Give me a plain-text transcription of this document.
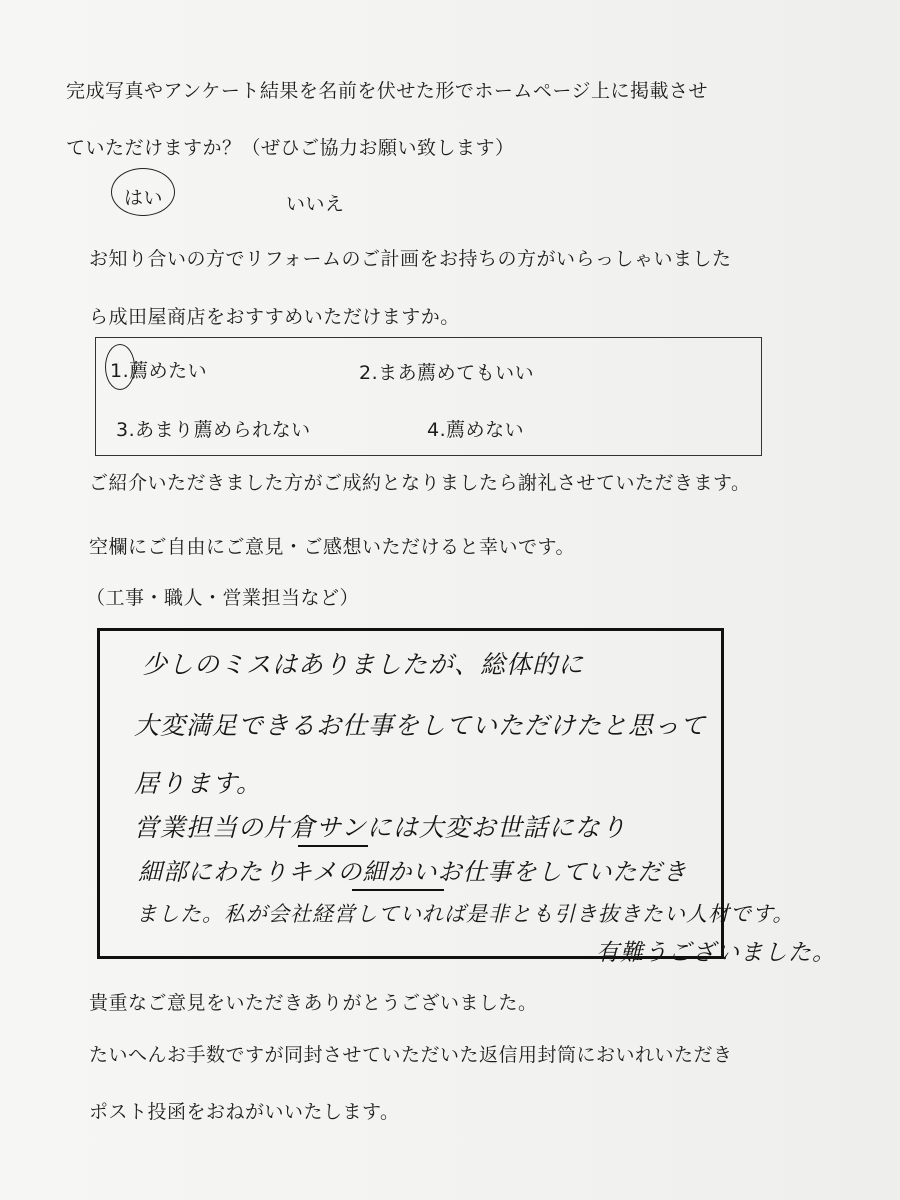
完成写真やアンケート結果を名前を伏せた形でホームページ上に掲載させ
ていただけますか？（ぜひご協力お願い致します）
はい	いいえ
お知り合いの方でリフォームのご計画をお持ちの方がいらっしゃいました
ら成田屋商店をおすすめいただけますか。
1.薦めたい	2.まあ薦めてもいい
3.あまり薦められない	4.薦めない
ご紹介いただきました方がご成約となりましたら謝礼させていただきます。
空欄にご自由にご意見・ご感想いただけると幸いです。
（工事・職人・営業担当など）
少しのミスはありましたが、総体的に
大変満足できるお仕事をしていただけたと思って
居ります。
営業担当の片倉サンには大変お世話になり
細部にわたりキメの細かいお仕事をしていただき
ました。私が会社経営していれば是非とも引き抜きたい人材です。
有難うございました。
貴重なご意見をいただきありがとうございました。
たいへんお手数ですが同封させていただいた返信用封筒においれいただき
ポスト投函をおねがいいたします。
